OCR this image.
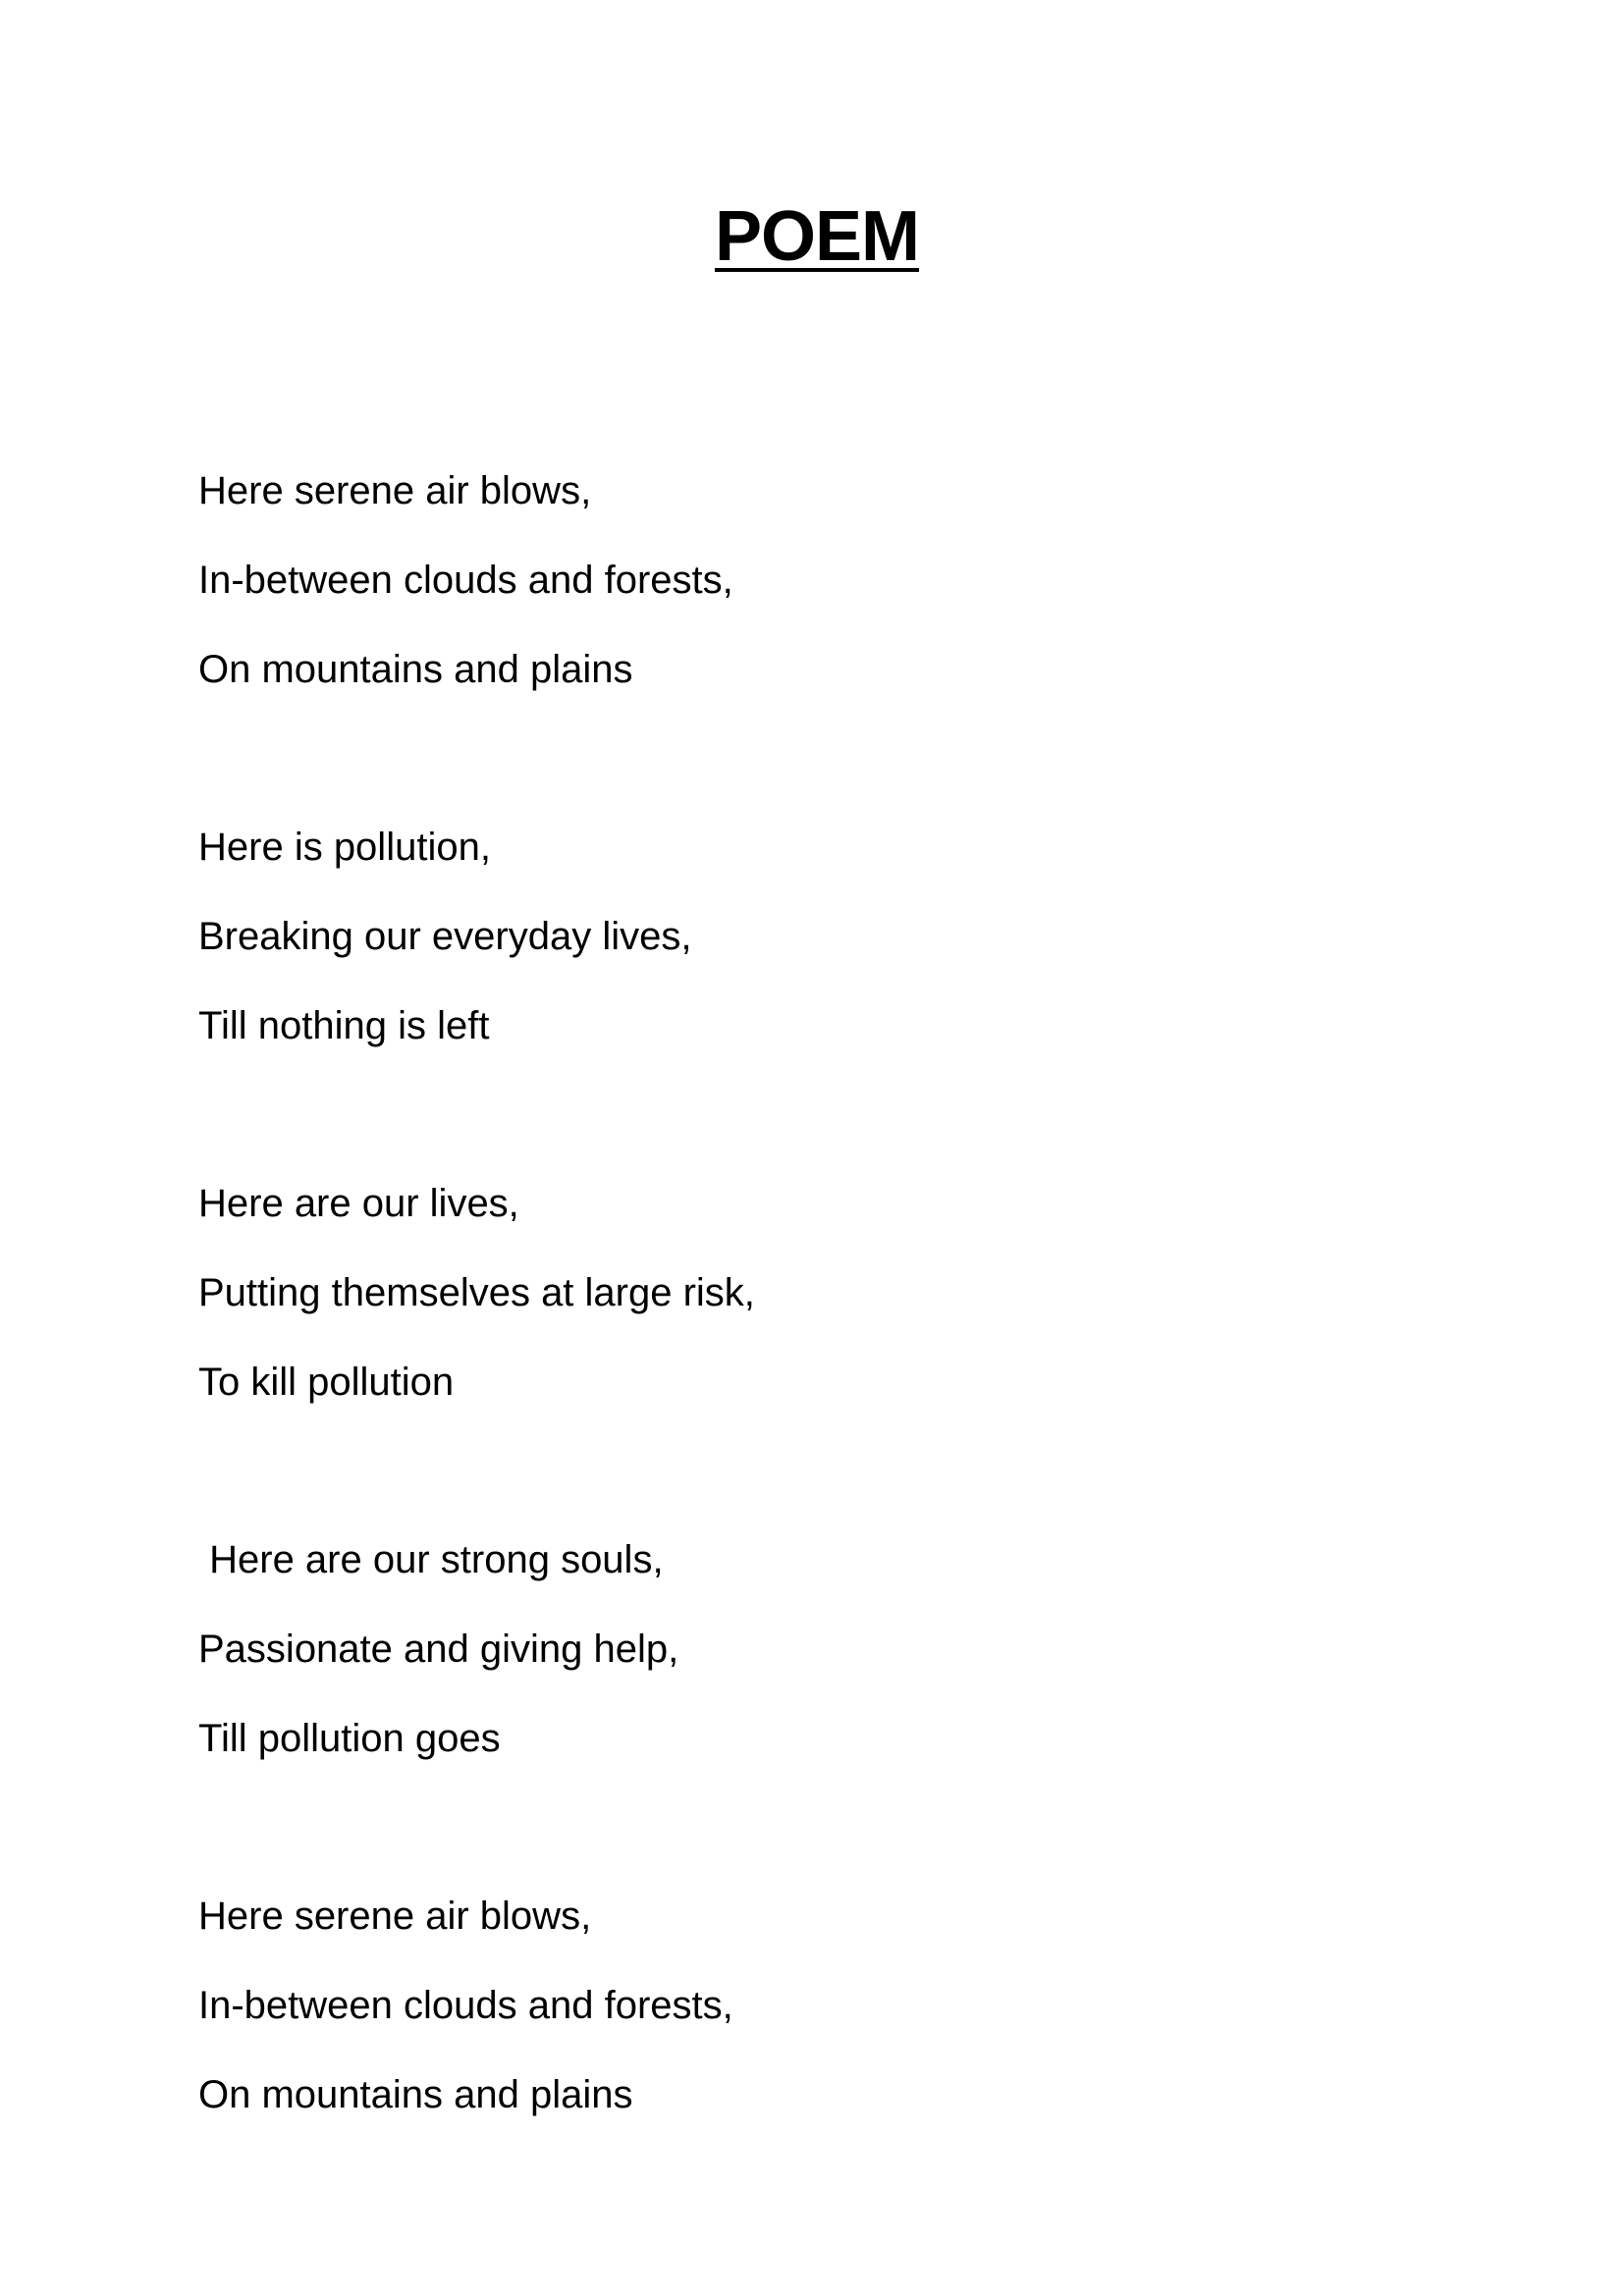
POEM
Here serene air blows,
In-between clouds and forests,
On mountains and plains
Here is pollution,
Breaking our everyday lives,
Till nothing is left
Here are our lives,
Putting themselves at large risk,
To kill pollution
Here are our strong souls,
Passionate and giving help,
Till pollution goes
Here serene air blows,
In-between clouds and forests,
On mountains and plains
